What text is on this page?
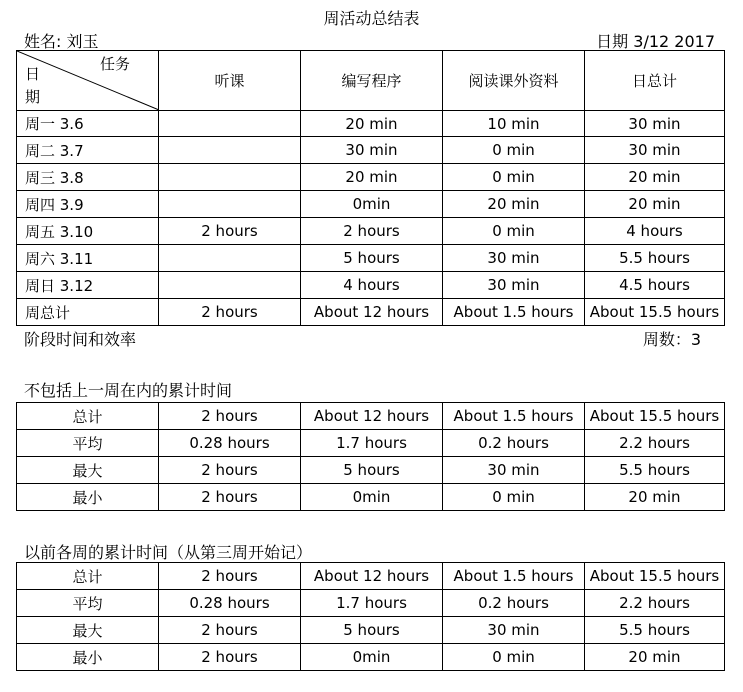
周活动总结表
姓名: 刘玉	日期 3/12 2017
任务
日
期	听课	编写程序	阅读课外资料	日总计
周一 3.6		20 min	10 min	30 min
周二 3.7		30 min	0 min	30 min
周三 3.8		20 min	0 min	20 min
周四 3.9		0min	20 min	20 min
周五 3.10	2 hours	2 hours	0 min	4 hours
周六 3.11		5 hours	30 min	5.5 hours
周日 3.12		4 hours	30 min	4.5 hours
周总计	2 hours	About 12 hours	About 1.5 hours	About 15.5 hours
阶段时间和效率	周数：3
不包括上一周在内的累计时间
总计	2 hours	About 12 hours	About 1.5 hours	About 15.5 hours
平均	0.28 hours	1.7 hours	0.2 hours	2.2 hours
最大	2 hours	5 hours	30 min	5.5 hours
最小	2 hours	0min	0 min	20 min
以前各周的累计时间（从第三周开始记）
总计	2 hours	About 12 hours	About 1.5 hours	About 15.5 hours
平均	0.28 hours	1.7 hours	0.2 hours	2.2 hours
最大	2 hours	5 hours	30 min	5.5 hours
最小	2 hours	0min	0 min	20 min
